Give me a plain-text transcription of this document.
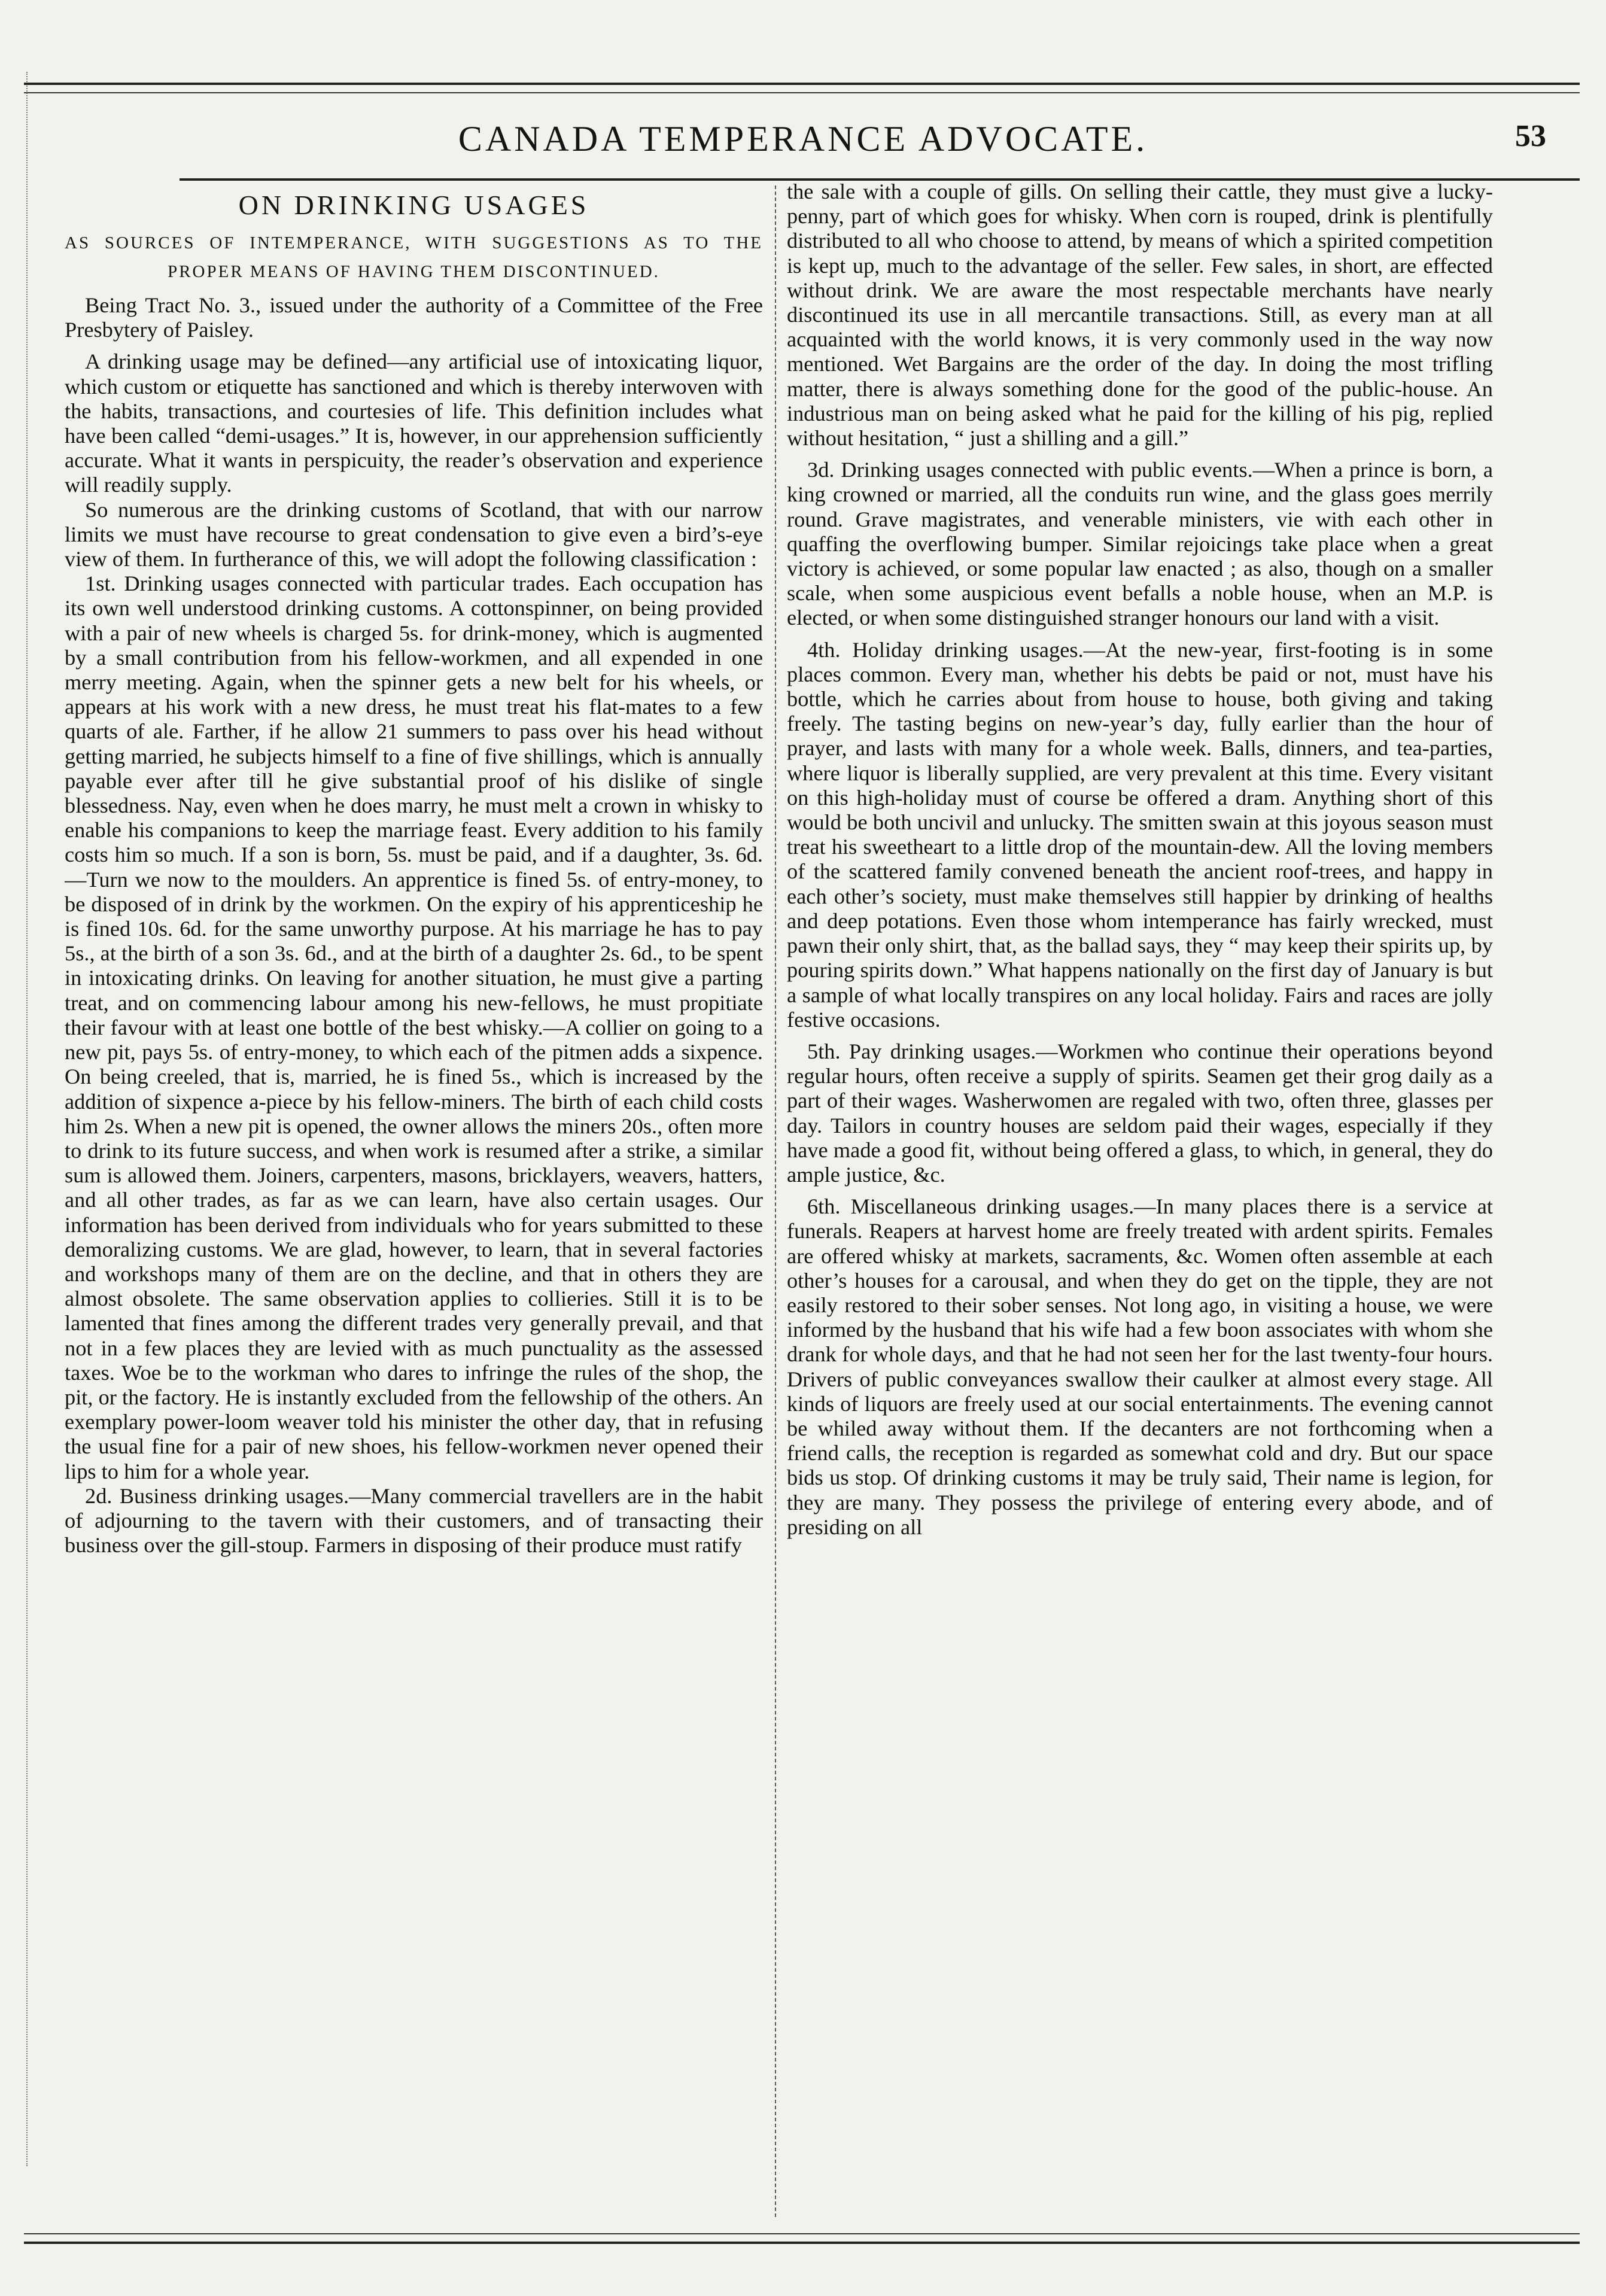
CANADA TEMPERANCE ADVOCATE.	53
ON DRINKING USAGES
AS SOURCES OF INTEMPERANCE, WITH SUGGESTIONS AS TO THE PROPER MEANS OF HAVING THEM DISCONTINUED.

Being Tract No. 3., issued under the authority of a Committee of the Free Presbytery of Paisley.

A drinking usage may be defined—any artificial use of intoxicating liquor, which custom or etiquette has sanctioned and which is thereby interwoven with the habits, transactions, and courtesies of life. This definition includes what have been called “demi-usages.” It is, however, in our apprehension sufficiently accurate. What it wants in perspicuity, the reader’s observation and experience will readily supply.

So numerous are the drinking customs of Scotland, that with our narrow limits we must have recourse to great condensation to give even a bird’s-eye view of them. In furtherance of this, we will adopt the following classification :

1st. Drinking usages connected with particular trades. Each occupation has its own well understood drinking customs. A cottonspinner, on being provided with a pair of new wheels is charged 5s. for drink-money, which is augmented by a small contribution from his fellow-workmen, and all expended in one merry meeting. Again, when the spinner gets a new belt for his wheels, or appears at his work with a new dress, he must treat his flat-mates to a few quarts of ale. Farther, if he allow 21 summers to pass over his head without getting married, he subjects himself to a fine of five shillings, which is annually payable ever after till he give substantial proof of his dislike of single blessedness. Nay, even when he does marry, he must melt a crown in whisky to enable his companions to keep the marriage feast. Every addition to his family costs him so much. If a son is born, 5s. must be paid, and if a daughter, 3s. 6d.—Turn we now to the moulders. An apprentice is fined 5s. of entry-money, to be disposed of in drink by the workmen. On the expiry of his apprenticeship he is fined 10s. 6d. for the same unworthy purpose. At his marriage he has to pay 5s., at the birth of a son 3s. 6d., and at the birth of a daughter 2s. 6d., to be spent in intoxicating drinks. On leaving for another situation, he must give a parting treat, and on commencing labour among his new-fellows, he must propitiate their favour with at least one bottle of the best whisky.—A collier on going to a new pit, pays 5s. of entry-money, to which each of the pitmen adds a sixpence. On being creeled, that is, married, he is fined 5s., which is increased by the addition of sixpence a-piece by his fellow-miners. The birth of each child costs him 2s. When a new pit is opened, the owner allows the miners 20s., often more to drink to its future success, and when work is resumed after a strike, a similar sum is allowed them. Joiners, carpenters, masons, bricklayers, weavers, hatters, and all other trades, as far as we can learn, have also certain usages. Our information has been derived from individuals who for years submitted to these demoralizing customs. We are glad, however, to learn, that in several factories and workshops many of them are on the decline, and that in others they are almost obsolete. The same observation applies to collieries. Still it is to be lamented that fines among the different trades very generally prevail, and that not in a few places they are levied with as much punctuality as the assessed taxes. Woe be to the workman who dares to infringe the rules of the shop, the pit, or the factory. He is instantly excluded from the fellowship of the others. An exemplary power-loom weaver told his minister the other day, that in refusing the usual fine for a pair of new shoes, his fellow-workmen never opened their lips to him for a whole year.

2d. Business drinking usages.—Many commercial travellers are in the habit of adjourning to the tavern with their customers, and of transacting their business over the gill-stoup. Farmers in disposing of their produce must ratify

the sale with a couple of gills. On selling their cattle, they must give a lucky-penny, part of which goes for whisky. When corn is rouped, drink is plentifully distributed to all who choose to attend, by means of which a spirited competition is kept up, much to the advantage of the seller. Few sales, in short, are effected without drink. We are aware the most respectable merchants have nearly discontinued its use in all mercantile transactions. Still, as every man at all acquainted with the world knows, it is very commonly used in the way now mentioned. Wet Bargains are the order of the day. In doing the most trifling matter, there is always something done for the good of the public-house. An industrious man on being asked what he paid for the killing of his pig, replied without hesitation, “ just a shilling and a gill.”

3d. Drinking usages connected with public events.—When a prince is born, a king crowned or married, all the conduits run wine, and the glass goes merrily round. Grave magistrates, and venerable ministers, vie with each other in quaffing the overflowing bumper. Similar rejoicings take place when a great victory is achieved, or some popular law enacted ; as also, though on a smaller scale, when some auspicious event befalls a noble house, when an M.P. is elected, or when some distinguished stranger honours our land with a visit.

4th. Holiday drinking usages.—At the new-year, first-footing is in some places common. Every man, whether his debts be paid or not, must have his bottle, which he carries about from house to house, both giving and taking freely. The tasting begins on new-year’s day, fully earlier than the hour of prayer, and lasts with many for a whole week. Balls, dinners, and tea-parties, where liquor is liberally supplied, are very prevalent at this time. Every visitant on this high-holiday must of course be offered a dram. Anything short of this would be both uncivil and unlucky. The smitten swain at this joyous season must treat his sweetheart to a little drop of the mountain-dew. All the loving members of the scattered family convened beneath the ancient roof-trees, and happy in each other’s society, must make themselves still happier by drinking of healths and deep potations. Even those whom intemperance has fairly wrecked, must pawn their only shirt, that, as the ballad says, they “ may keep their spirits up, by pouring spirits down.” What happens nationally on the first day of January is but a sample of what locally transpires on any local holiday. Fairs and races are jolly festive occasions.

5th. Pay drinking usages.—Workmen who continue their operations beyond regular hours, often receive a supply of spirits. Seamen get their grog daily as a part of their wages. Washerwomen are regaled with two, often three, glasses per day. Tailors in country houses are seldom paid their wages, especially if they have made a good fit, without being offered a glass, to which, in general, they do ample justice, &c.

6th. Miscellaneous drinking usages.—In many places there is a service at funerals. Reapers at harvest home are freely treated with ardent spirits. Females are offered whisky at markets, sacraments, &c. Women often assemble at each other’s houses for a carousal, and when they do get on the tipple, they are not easily restored to their sober senses. Not long ago, in visiting a house, we were informed by the husband that his wife had a few boon associates with whom she drank for whole days, and that he had not seen her for the last twenty-four hours. Drivers of public conveyances swallow their caulker at almost every stage. All kinds of liquors are freely used at our social entertainments. The evening cannot be whiled away without them. If the decanters are not forthcoming when a friend calls, the reception is regarded as somewhat cold and dry. But our space bids us stop. Of drinking customs it may be truly said, Their name is legion, for they are many. They possess the privilege of entering every abode, and of presiding on all
